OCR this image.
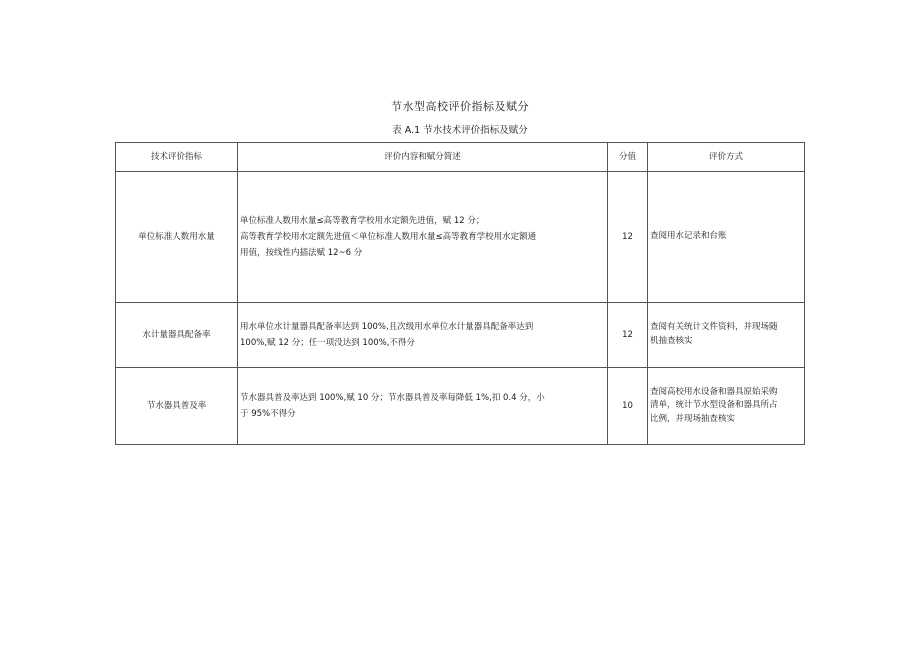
节水型高校评价指标及赋分
表 A.1 节水技术评价指标及赋分
技术评价指标	评价内容和赋分简述	分值	评价方式
单位标准人数用水量	单位标准人数用水量≤高等教育学校用水定额先进值，赋 12 分；
高等教育学校用水定额先进值＜单位标准人数用水量≤高等教育学校用水定额通
用值，按线性内插法赋 12~6 分	12	查阅用水记录和台账

水计量器具配备率	用水单位水计量器具配备率达到 100%,且次级用水单位水计量器具配备率达到
100%,赋 12 分；任一项没达到 100%,不得分	12	查阅有关统计文件资料，并现场随
机抽查核实

节水器具普及率	节水器具普及率达到 100%,赋 10 分；节水器具普及率每降低 1%,扣 0.4 分，小
于 95%不得分	10	查阅高校用水设备和器具原始采购
清单，统计节水型设备和器具所占
比例，并现场抽查核实
